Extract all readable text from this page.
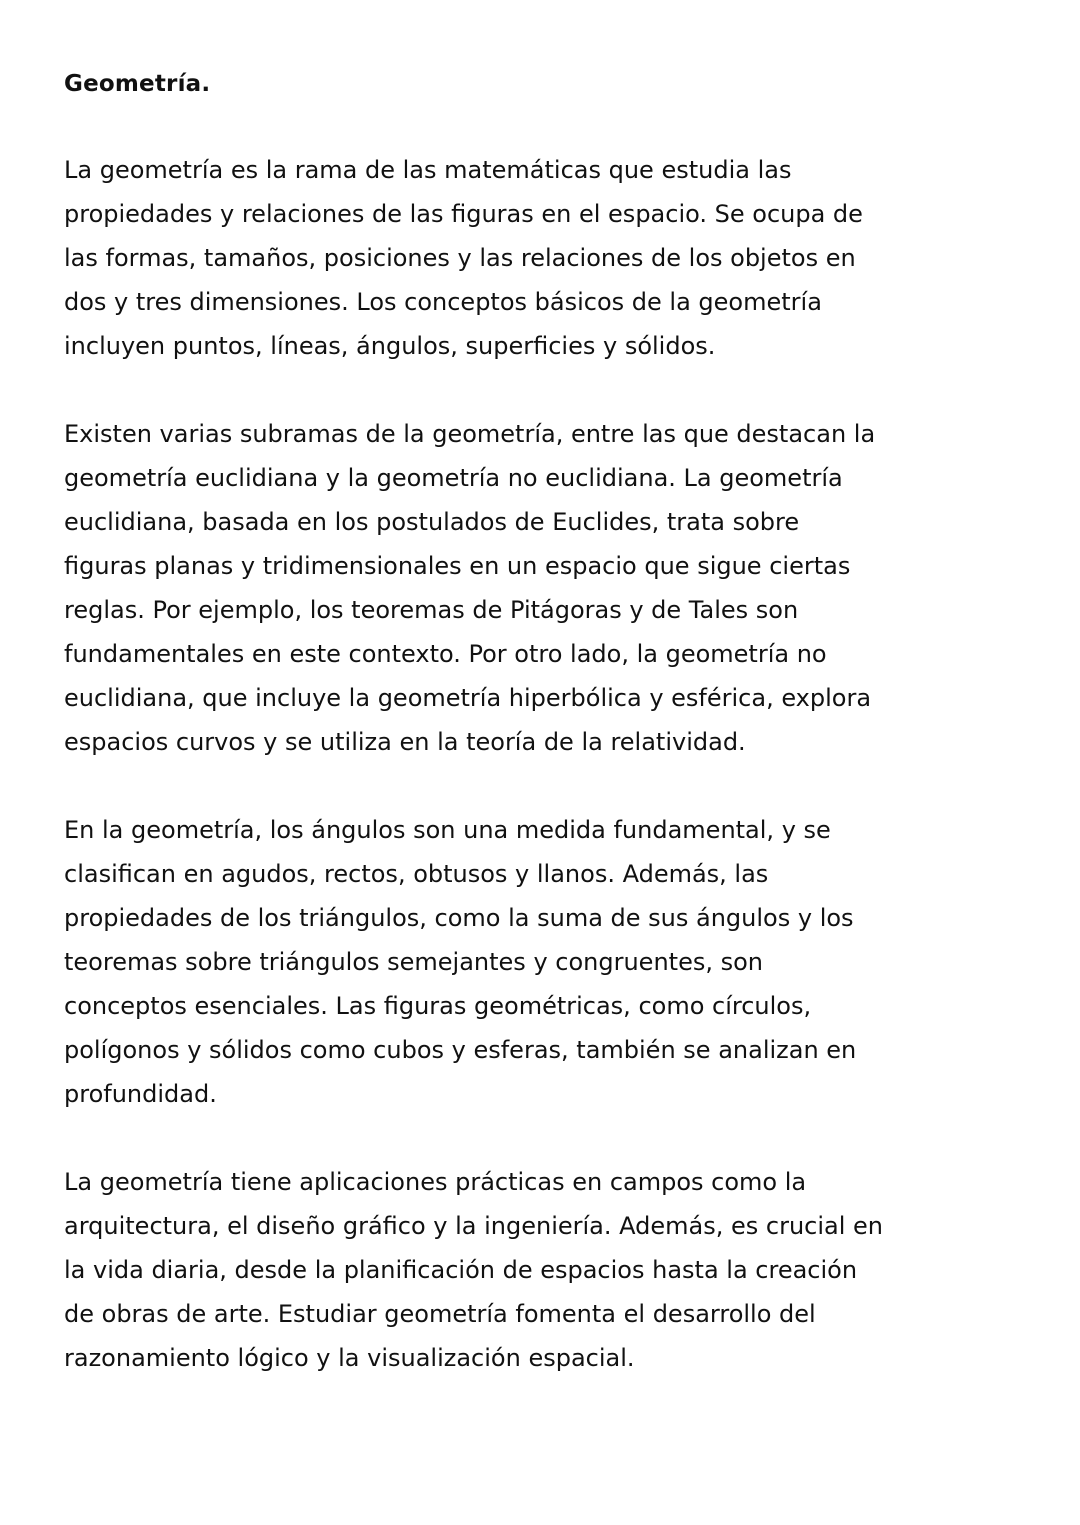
Geometría.
La geometría es la rama de las matemáticas que estudia las
propiedades y relaciones de las figuras en el espacio. Se ocupa de
las formas, tamaños, posiciones y las relaciones de los objetos en
dos y tres dimensiones. Los conceptos básicos de la geometría
incluyen puntos, líneas, ángulos, superficies y sólidos.
Existen varias subramas de la geometría, entre las que destacan la
geometría euclidiana y la geometría no euclidiana. La geometría
euclidiana, basada en los postulados de Euclides, trata sobre
figuras planas y tridimensionales en un espacio que sigue ciertas
reglas. Por ejemplo, los teoremas de Pitágoras y de Tales son
fundamentales en este contexto. Por otro lado, la geometría no
euclidiana, que incluye la geometría hiperbólica y esférica, explora
espacios curvos y se utiliza en la teoría de la relatividad.
En la geometría, los ángulos son una medida fundamental, y se
clasifican en agudos, rectos, obtusos y llanos. Además, las
propiedades de los triángulos, como la suma de sus ángulos y los
teoremas sobre triángulos semejantes y congruentes, son
conceptos esenciales. Las figuras geométricas, como círculos,
polígonos y sólidos como cubos y esferas, también se analizan en
profundidad.
La geometría tiene aplicaciones prácticas en campos como la
arquitectura, el diseño gráfico y la ingeniería. Además, es crucial en
la vida diaria, desde la planificación de espacios hasta la creación
de obras de arte. Estudiar geometría fomenta el desarrollo del
razonamiento lógico y la visualización espacial.
